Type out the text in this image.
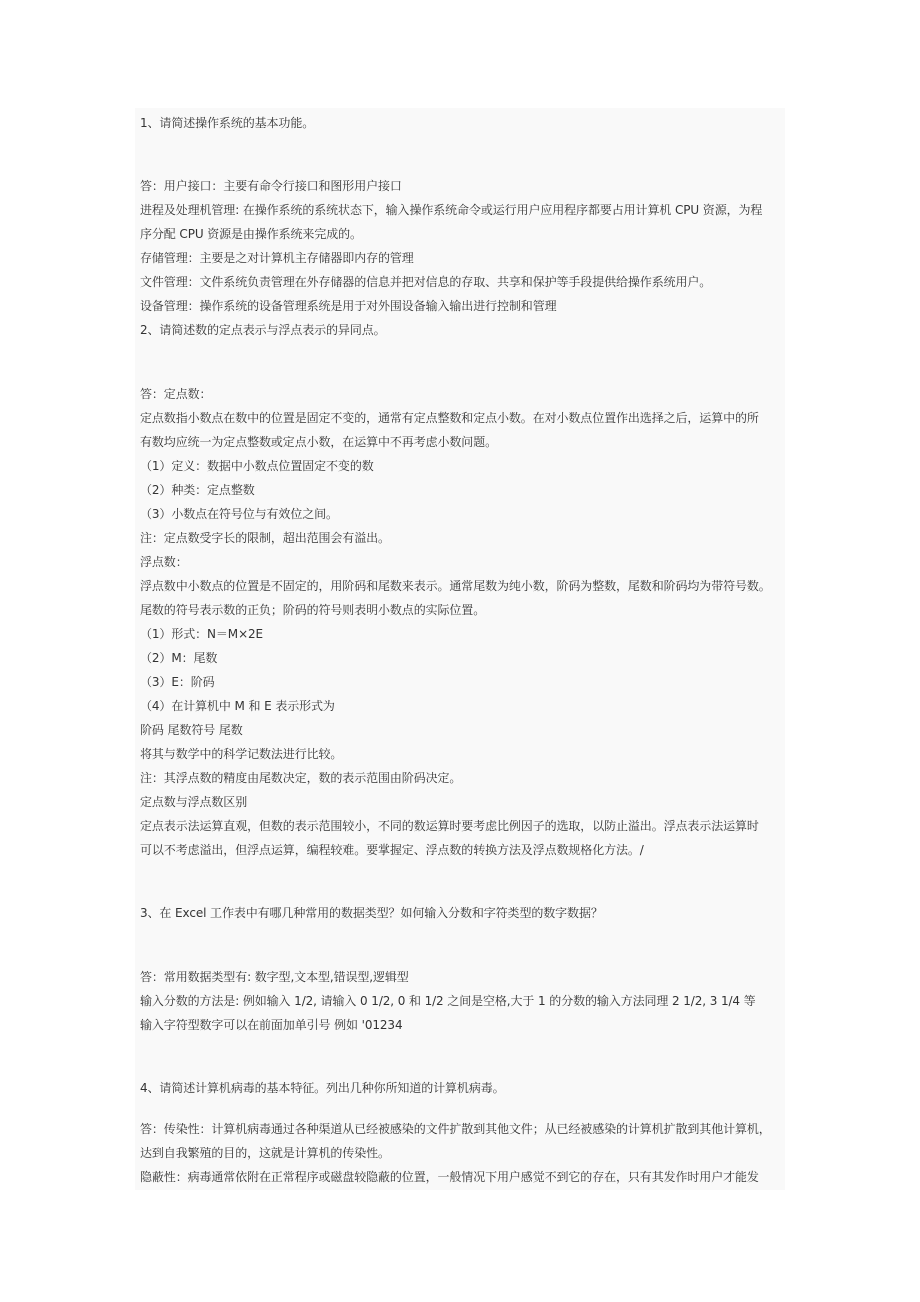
1、请简述操作系统的基本功能。
答：用户接口：主要有命令行接口和图形用户接口
进程及处理机管理: 在操作系统的系统状态下，输入操作系统命令或运行用户应用程序都要占用计算机 CPU 资源，为程
序分配 CPU 资源是由操作系统来完成的。
存储管理：主要是之对计算机主存储器即内存的管理
文件管理：文件系统负责管理在外存储器的信息并把对信息的存取、共享和保护等手段提供给操作系统用户。
设备管理：操作系统的设备管理系统是用于对外围设备输入输出进行控制和管理
2、请简述数的定点表示与浮点表示的异同点。
答：定点数：
定点数指小数点在数中的位置是固定不变的，通常有定点整数和定点小数。在对小数点位置作出选择之后，运算中的所
有数均应统一为定点整数或定点小数，在运算中不再考虑小数问题。
（1）定义：数据中小数点位置固定不变的数
（2）种类：定点整数
（3）小数点在符号位与有效位之间。
注：定点数受字长的限制，超出范围会有溢出。
浮点数：
浮点数中小数点的位置是不固定的，用阶码和尾数来表示。通常尾数为纯小数，阶码为整数，尾数和阶码均为带符号数。
尾数的符号表示数的正负；阶码的符号则表明小数点的实际位置。
（1）形式：N＝M×2E
（2）M：尾数
（3）E：阶码
（4）在计算机中 M 和 E 表示形式为
阶码 尾数符号 尾数
将其与数学中的科学记数法进行比较。
注：其浮点数的精度由尾数决定，数的表示范围由阶码决定。
定点数与浮点数区别
定点表示法运算直观，但数的表示范围较小，不同的数运算时要考虑比例因子的选取，以防止溢出。浮点表示法运算时
可以不考虑溢出，但浮点运算，编程较难。要掌握定、浮点数的转换方法及浮点数规格化方法。/
3、在 Excel 工作表中有哪几种常用的数据类型？如何输入分数和字符类型的数字数据？
答：常用数据类型有: 数字型,文本型,错误型,逻辑型
输入分数的方法是: 例如输入 1/2, 请输入 0 1/2, 0 和 1/2 之间是空格,大于 1 的分数的输入方法同理 2 1/2, 3 1/4 等
输入字符型数字可以在前面加单引号 例如 '01234
4、请简述计算机病毒的基本特征。列出几种你所知道的计算机病毒。
答：传染性：计算机病毒通过各种渠道从已经被感染的文件扩散到其他文件；从已经被感染的计算机扩散到其他计算机，
达到自我繁殖的目的，这就是计算机的传染性。
隐蔽性：病毒通常依附在正常程序或磁盘较隐蔽的位置，一般情况下用户感觉不到它的存在，只有其发作时用户才能发
